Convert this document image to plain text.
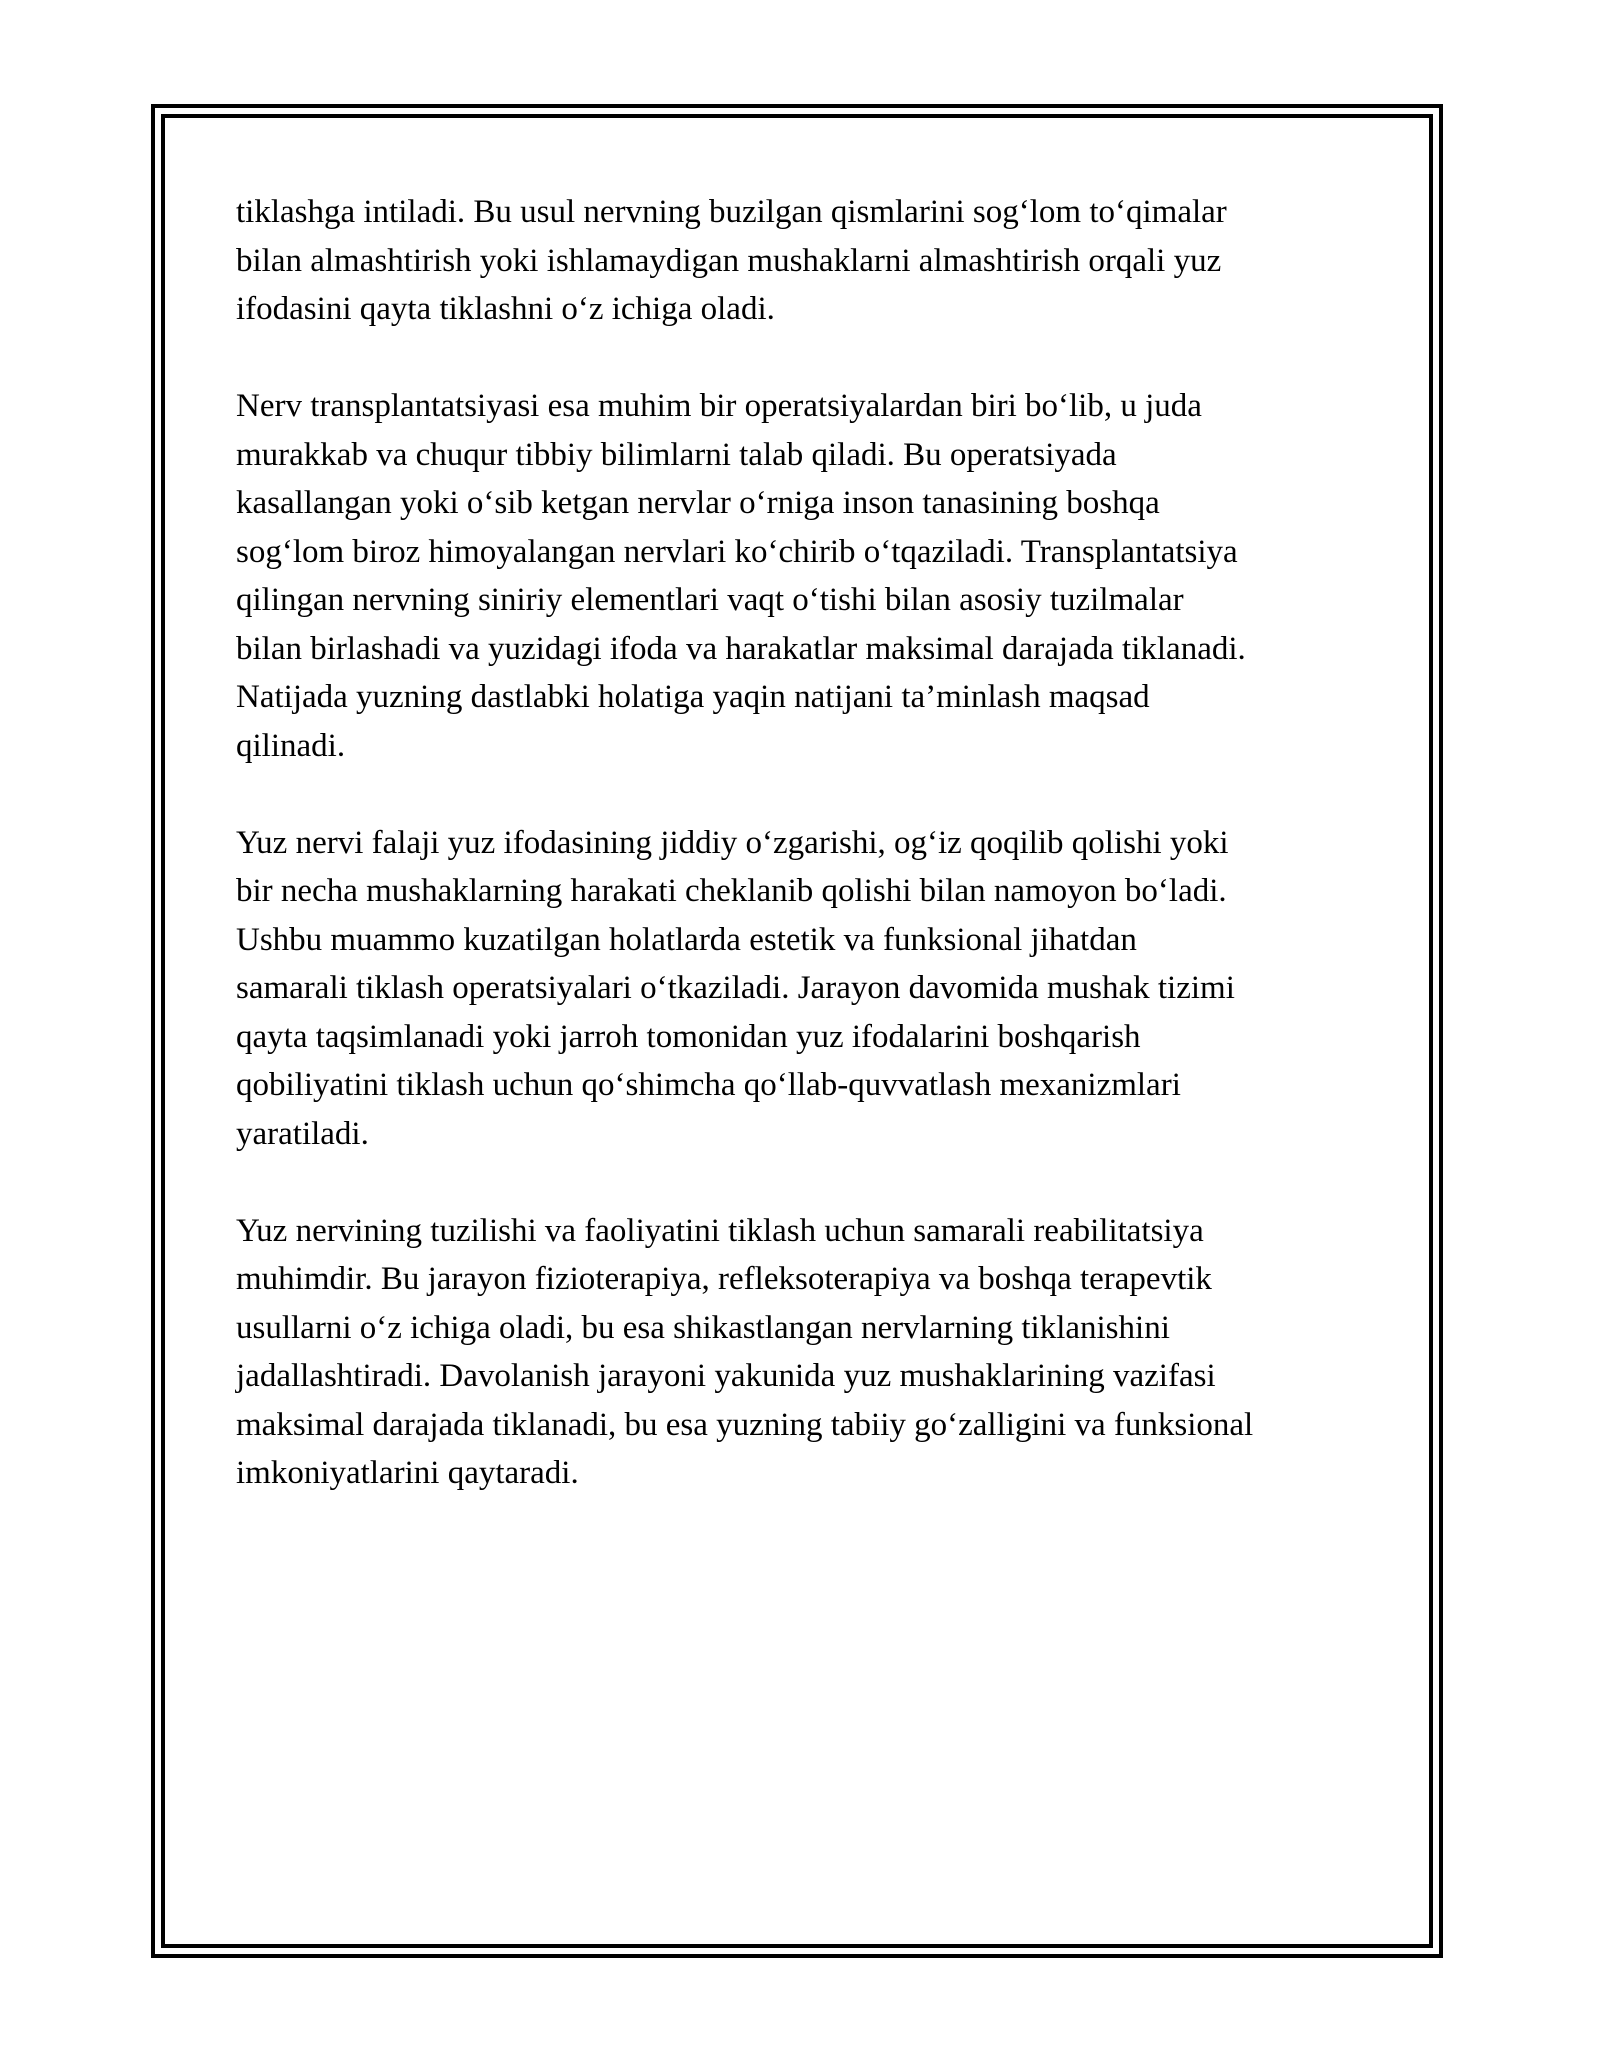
tiklashga intiladi. Bu usul nervning buzilgan qismlarini sog‘lom to‘qimalar
bilan almashtirish yoki ishlamaydigan mushaklarni almashtirish orqali yuz
ifodasini qayta tiklashni o‘z ichiga oladi.

Nerv transplantatsiyasi esa muhim bir operatsiyalardan biri bo‘lib, u juda
murakkab va chuqur tibbiy bilimlarni talab qiladi. Bu operatsiyada
kasallangan yoki o‘sib ketgan nervlar o‘rniga inson tanasining boshqa
sog‘lom biroz himoyalangan nervlari ko‘chirib o‘tqaziladi. Transplantatsiya
qilingan nervning siniriy elementlari vaqt o‘tishi bilan asosiy tuzilmalar
bilan birlashadi va yuzidagi ifoda va harakatlar maksimal darajada tiklanadi.
Natijada yuzning dastlabki holatiga yaqin natijani ta’minlash maqsad
qilinadi.

Yuz nervi falaji yuz ifodasining jiddiy o‘zgarishi, og‘iz qoqilib qolishi yoki
bir necha mushaklarning harakati cheklanib qolishi bilan namoyon bo‘ladi.
Ushbu muammo kuzatilgan holatlarda estetik va funksional jihatdan
samarali tiklash operatsiyalari o‘tkaziladi. Jarayon davomida mushak tizimi
qayta taqsimlanadi yoki jarroh tomonidan yuz ifodalarini boshqarish
qobiliyatini tiklash uchun qo‘shimcha qo‘llab-quvvatlash mexanizmlari
yaratiladi.

Yuz nervining tuzilishi va faoliyatini tiklash uchun samarali reabilitatsiya
muhimdir. Bu jarayon fizioterapiya, refleksoterapiya va boshqa terapevtik
usullarni o‘z ichiga oladi, bu esa shikastlangan nervlarning tiklanishini
jadallashtiradi. Davolanish jarayoni yakunida yuz mushaklarining vazifasi
maksimal darajada tiklanadi, bu esa yuzning tabiiy go‘zalligini va funksional
imkoniyatlarini qaytaradi.
